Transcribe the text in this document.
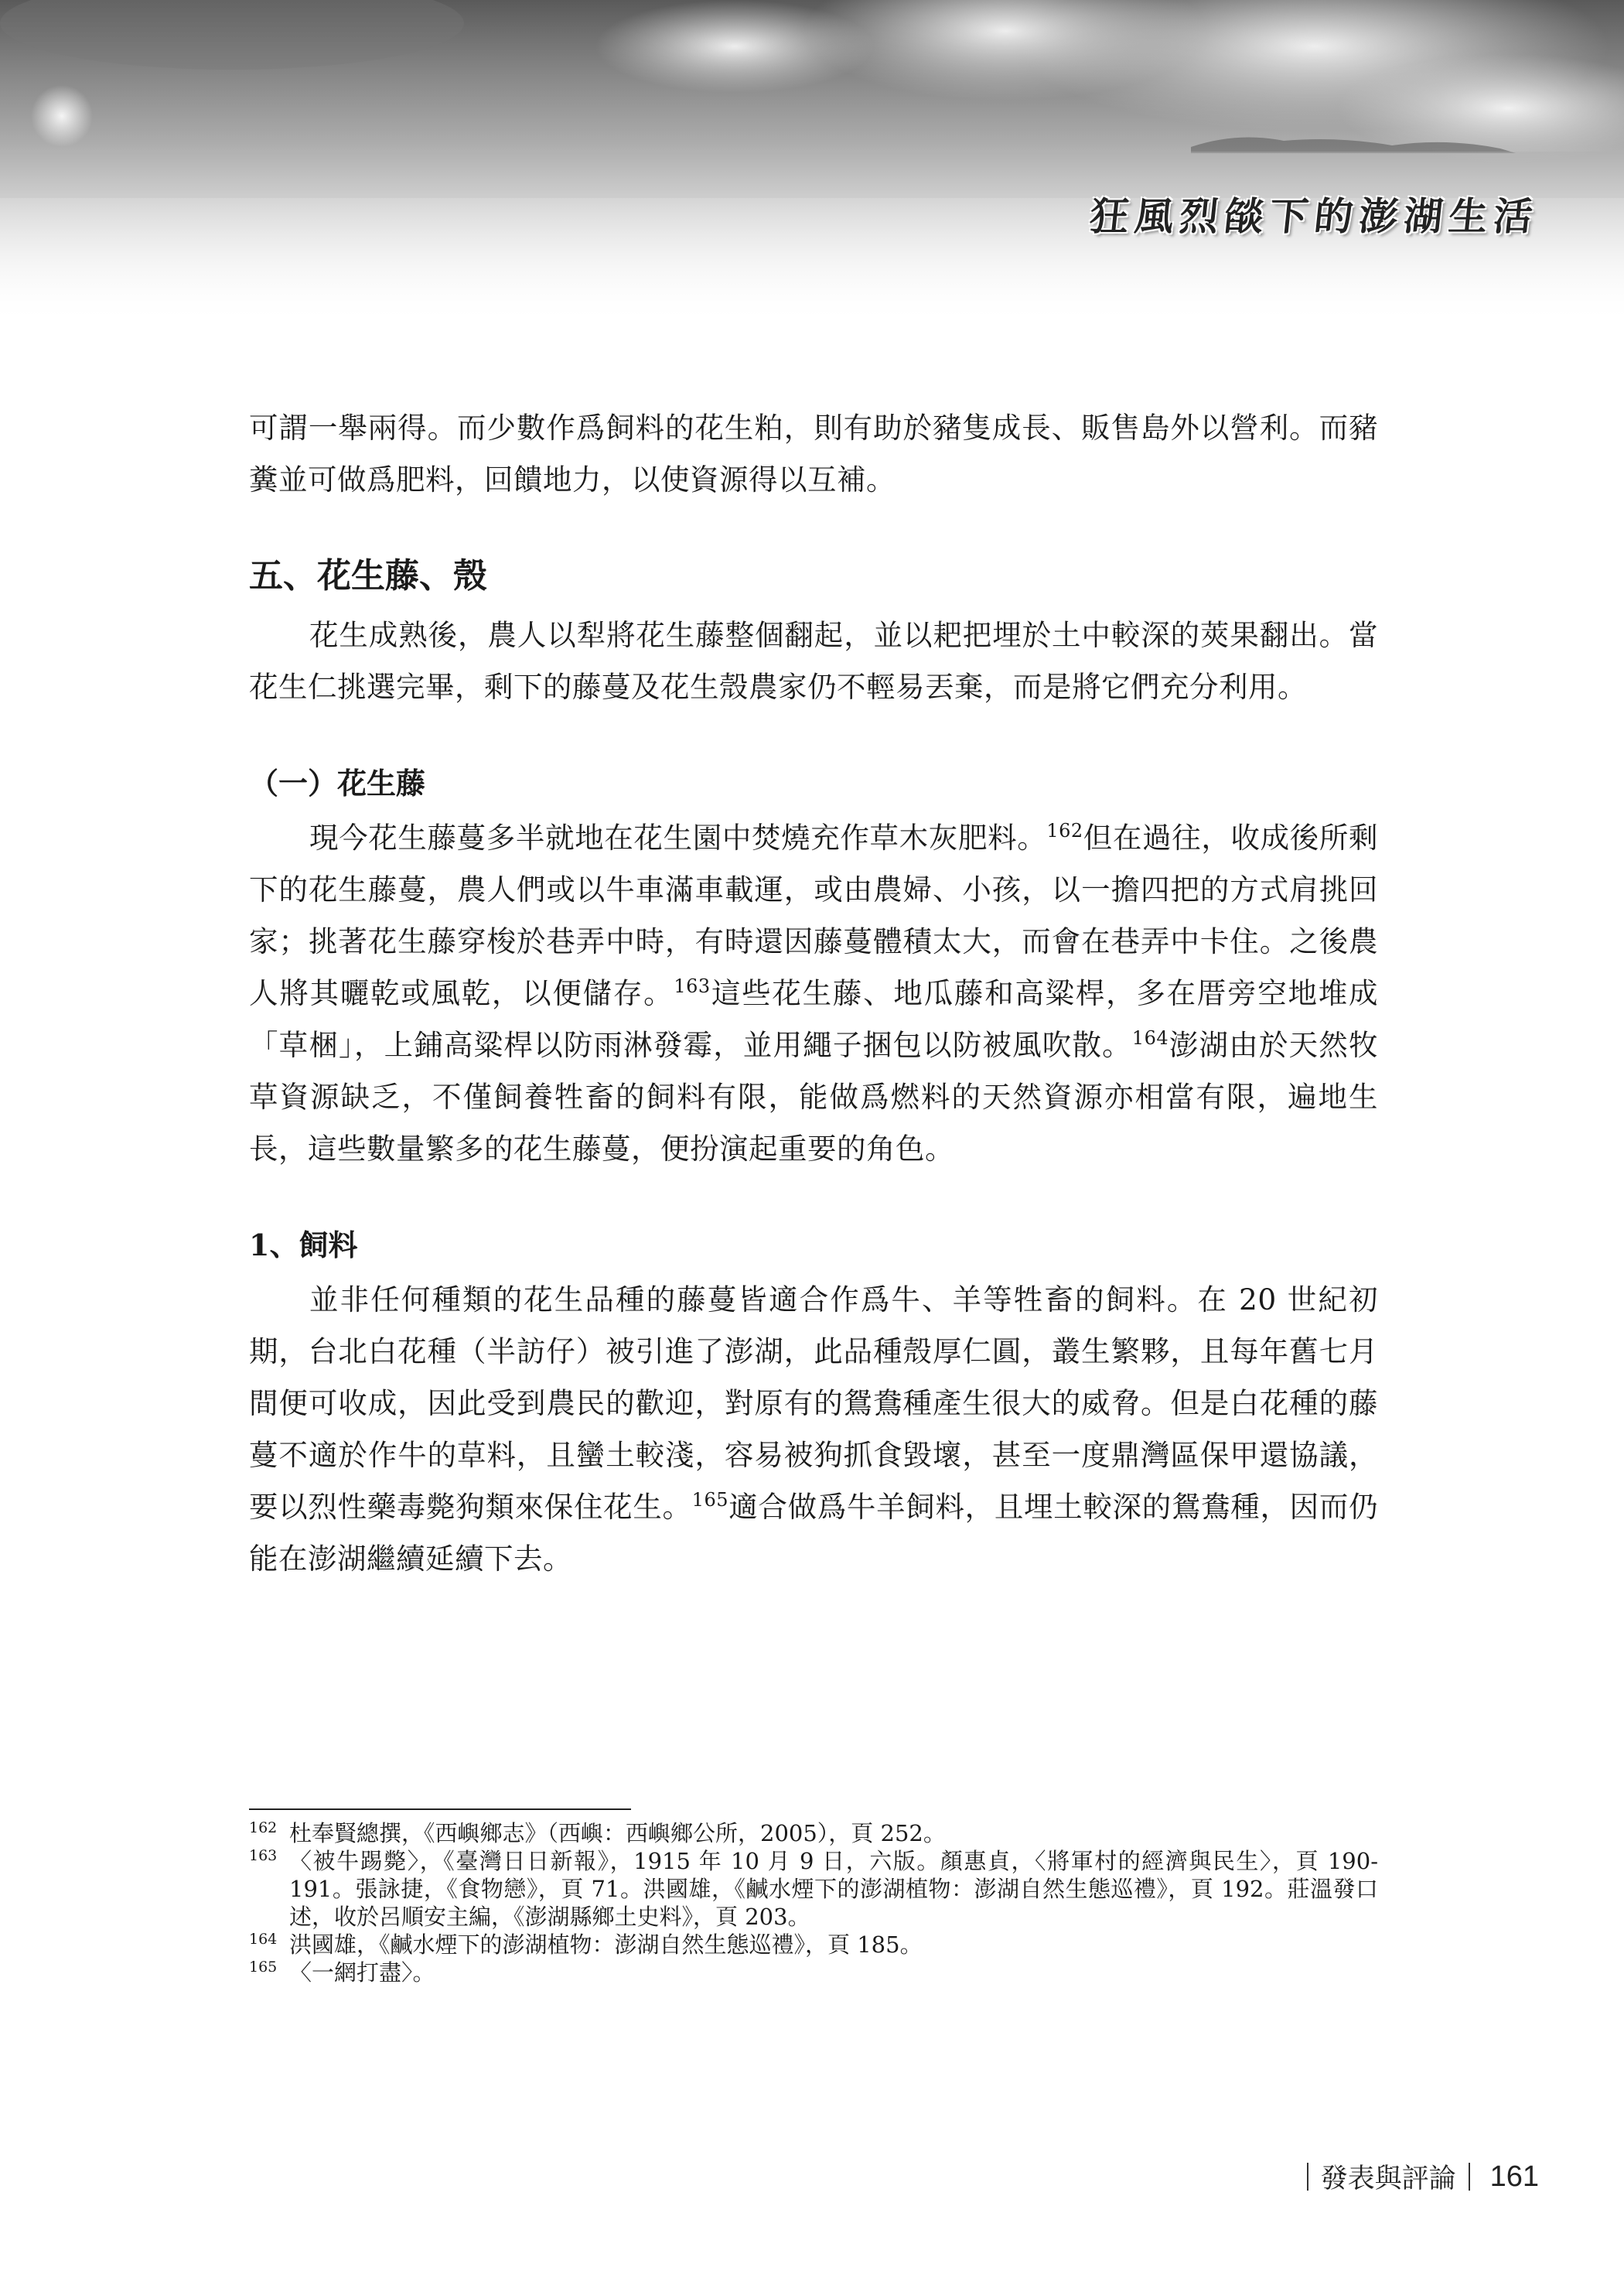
狂風烈燄下的澎湖生活

可謂一舉兩得。而少數作爲飼料的花生粕，則有助於豬隻成長、販售島外以營利。而豬糞並可做爲肥料，回饋地力，以使資源得以互補。

五、花生藤、殼

花生成熟後，農人以犁將花生藤整個翻起，並以耙把埋於土中較深的莢果翻出。當花生仁挑選完畢，剩下的藤蔓及花生殼農家仍不輕易丟棄，而是將它們充分利用。

（一）花生藤

現今花生藤蔓多半就地在花生園中焚燒充作草木灰肥料。$^{162}$但在過往，收成後所剩下的花生藤蔓，農人們或以牛車滿車載運，或由農婦、小孩，以一擔四把的方式肩挑回家；挑著花生藤穿梭於巷弄中時，有時還因藤蔓體積太大，而會在巷弄中卡住。之後農人將其曬乾或風乾，以便儲存。$^{163}$這些花生藤、地瓜藤和高粱桿，多在厝旁空地堆成「草梱」，上鋪高粱桿以防雨淋發霉，並用繩子捆包以防被風吹散。$^{164}$澎湖由於天然牧草資源缺乏，不僅飼養牲畜的飼料有限，能做爲燃料的天然資源亦相當有限，遍地生長，這些數量繁多的花生藤蔓，便扮演起重要的角色。

1、飼料

並非任何種類的花生品種的藤蔓皆適合作爲牛、羊等牲畜的飼料。在 20 世紀初期，台北白花種（半訪仔）被引進了澎湖，此品種殼厚仁圓，叢生繁夥，且每年舊七月間便可收成，因此受到農民的歡迎，對原有的鴛鴦種產生很大的威脅。但是白花種的藤蔓不適於作牛的草料，且蠻土較淺，容易被狗抓食毀壞，甚至一度鼎灣區保甲還協議，要以烈性藥毒斃狗類來保住花生。$^{165}$適合做爲牛羊飼料，且埋土較深的鴛鴦種，因而仍能在澎湖繼續延續下去。

162 杜奉賢總撰，《西嶼鄉志》（西嶼：西嶼鄉公所，2005），頁 252。
163 〈被牛踢斃〉，《臺灣日日新報》，1915 年 10 月 9 日，六版。顏惠貞，〈將軍村的經濟與民生〉，頁 190-191。張詠捷，《食物戀》，頁 71。洪國雄，《鹹水煙下的澎湖植物：澎湖自然生態巡禮》，頁 192。莊溫發口述，收於呂順安主編，《澎湖縣鄉土史料》，頁 203。
164 洪國雄，《鹹水煙下的澎湖植物：澎湖自然生態巡禮》，頁 185。
165 〈一網打盡〉。
發表與評論 161
